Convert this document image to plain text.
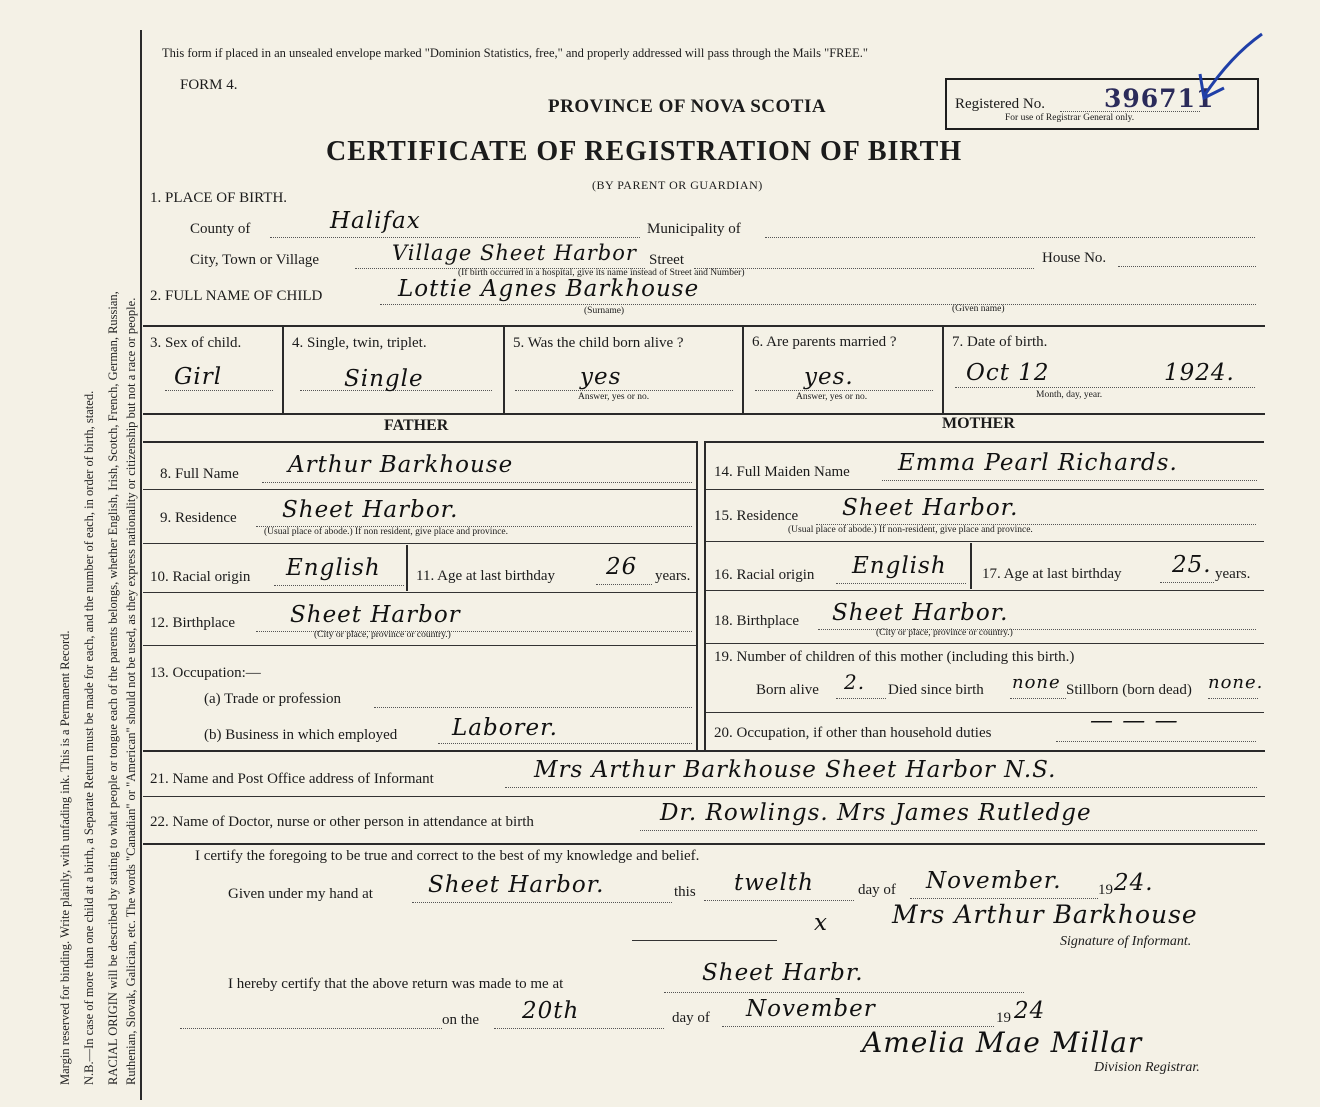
Margin reserved for binding. Write plainly, with unfading ink. This is a Permanent Record. N.B.—In case of more than one child at a birth, a Separate Return must be made for each, and the number of each, in order of birth, stated. RACIAL ORIGIN will be described by stating to what people or tongue each of the parents belongs, whether English, Irish, Scotch, French, German, Russian, Ruthenian, Slovak, Galician, etc. The words "Canadian" or "American" should not be used, as they express nationality or citizenship but not a race or people.
This form if placed in an unsealed envelope marked "Dominion Statistics, free," and properly addressed will pass through the Mails "FREE."
FORM 4.
PROVINCE OF NOVA SCOTIA
CERTIFICATE OF REGISTRATION OF BIRTH
(BY PARENT OR GUARDIAN)
Registered No. 396711
For use of Registrar General only.
1. PLACE OF BIRTH.
County of	Halifax	Municipality of
City, Town or Village	Village Sheet Harbor Street	House No.
(If birth occurred in a hospital, give its name instead of Street and Number)
2. FULL NAME OF CHILD	Lottie Agnes Barkhouse
(Surname)	(Given name)
3. Sex of child.
Girl
4. Single, twin, triplet.
Single
5. Was the child born alive ?
yes
Answer, yes or no.
6. Are parents married ?
yes.
Answer, yes or no.
7. Date of birth.
Oct 12	1924.
Month, day, year.
FATHER	MOTHER
8. Full Name Arthur Barkhouse	14. Full Maiden Name Emma Pearl Richards.
9. Residence Sheet Harbor.
(Usual place of abode.) If non resident, give place and province.
15. Residence Sheet Harbor.
(Usual place of abode.) If non-resident, give place and province.
10. Racial origin English 11. Age at last birthday 26 years. 16. Racial origin English 17. Age at last birthday 25. years.
12. Birthplace Sheet Harbor
(City or place, province or country.)
18. Birthplace Sheet Harbor.
(City or place, province or country.)
13. Occupation:—
(a) Trade or profession
(b) Business in which employed Laborer.
19. Number of children of this mother (including this birth.)
Born alive 2. Died since birth none Stillborn (born dead) none.
20. Occupation, if other than household duties	— — —
21. Name and Post Office address of Informant	Mrs Arthur Barkhouse Sheet Harbor N.S.
22. Name of Doctor, nurse or other person in attendance at birth	Dr. Rowlings. Mrs James Rutledge
I certify the foregoing to be true and correct to the best of my knowledge and belief.
Given under my hand at Sheet Harbor.	this twelth	day of November. 19 24.
x	Mrs Arthur Barkhouse
Signature of Informant.
I hereby certify that the above return was made to me at	Sheet Harbr.
on the 20th	day of November	19 24
Amelia Mae Millar
Division Registrar.
